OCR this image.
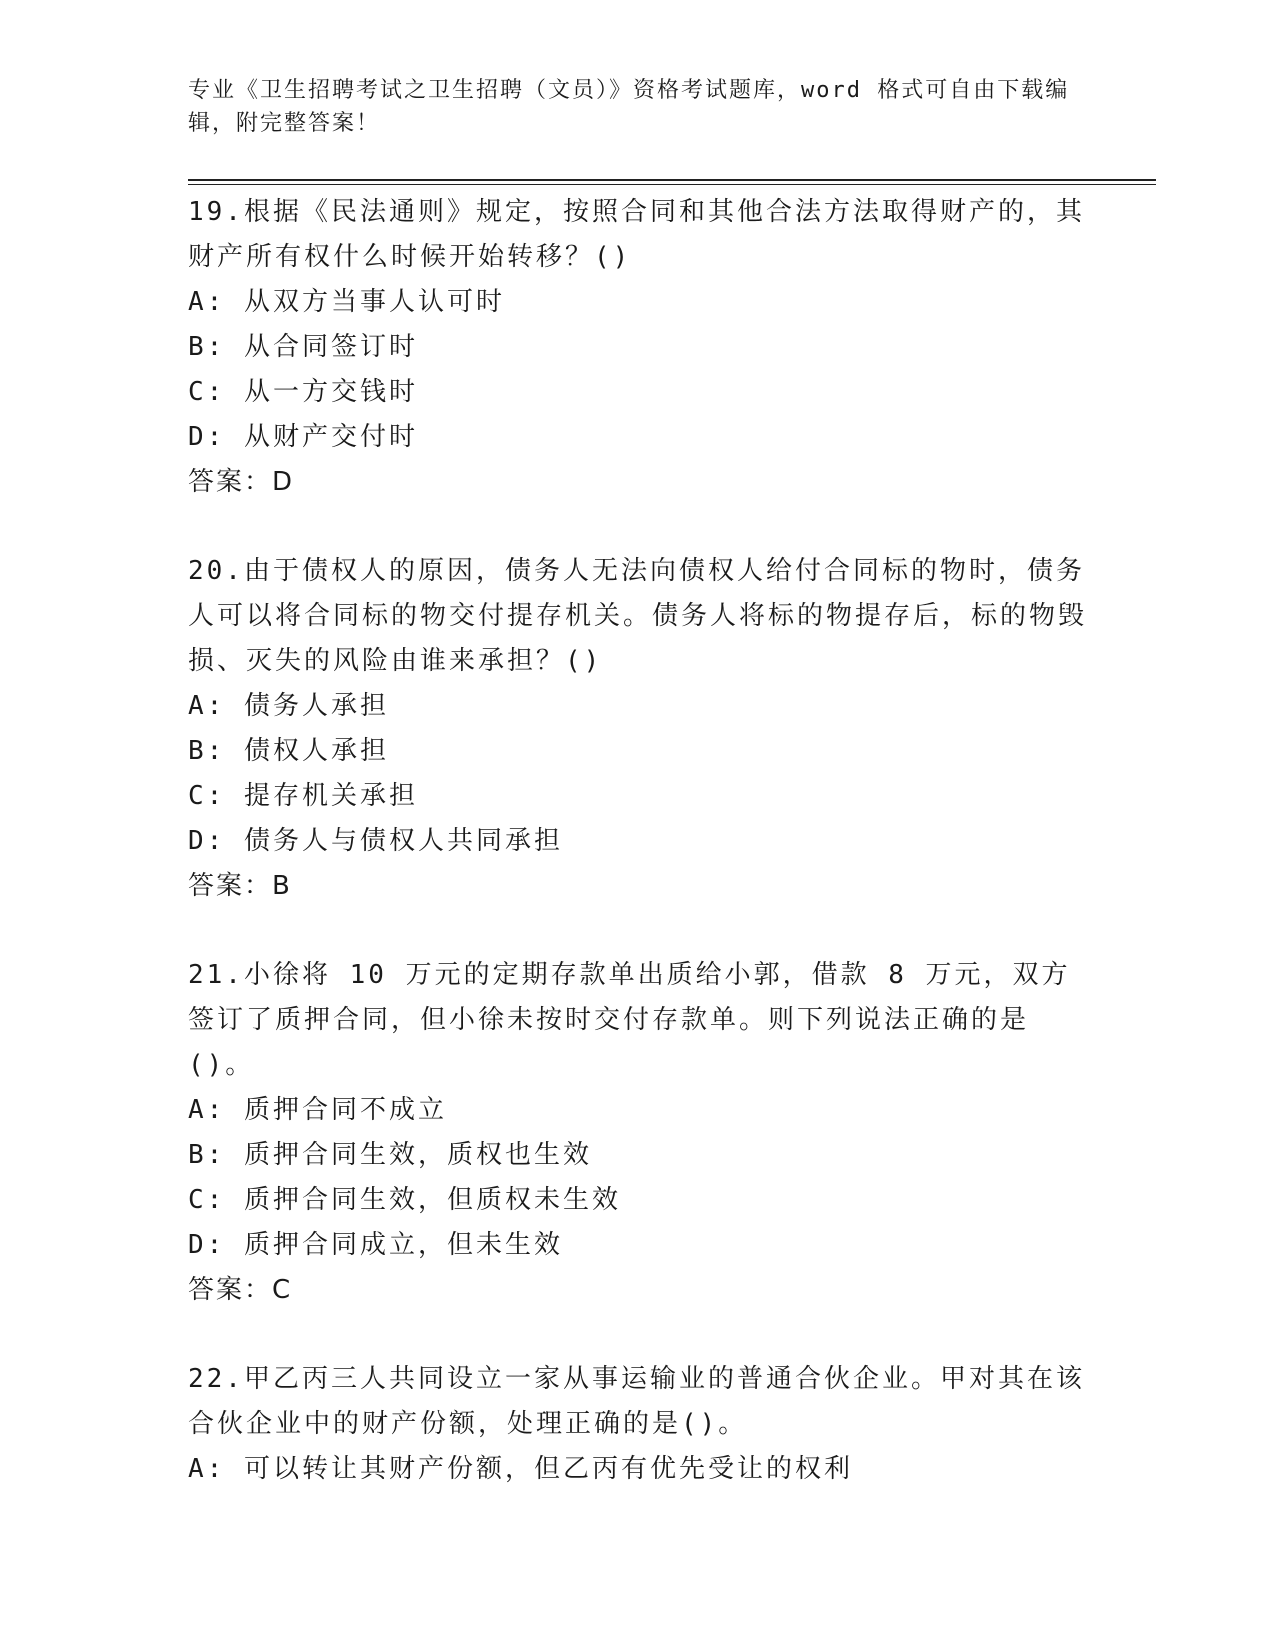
专业《卫生招聘考试之卫生招聘（文员）》资格考试题库，word 格式可自由下载编辑，附完整答案！
19.根据《民法通则》规定，按照合同和其他合法方法取得财产的，其财产所有权什么时候开始转移？()
A: 从双方当事人认可时
B: 从合同签订时
C: 从一方交钱时
D: 从财产交付时
答案：D
20.由于债权人的原因，债务人无法向债权人给付合同标的物时，债务人可以将合同标的物交付提存机关。债务人将标的物提存后，标的物毁损、灭失的风险由谁来承担？()
A: 债务人承担
B: 债权人承担
C: 提存机关承担
D: 债务人与债权人共同承担
答案：B
21.小徐将 10 万元的定期存款单出质给小郭，借款 8 万元，双方签订了质押合同，但小徐未按时交付存款单。则下列说法正确的是()。
A: 质押合同不成立
B: 质押合同生效，质权也生效
C: 质押合同生效，但质权未生效
D: 质押合同成立，但未生效
答案：C
22.甲乙丙三人共同设立一家从事运输业的普通合伙企业。甲对其在该合伙企业中的财产份额，处理正确的是()。
A: 可以转让其财产份额，但乙丙有优先受让的权利
